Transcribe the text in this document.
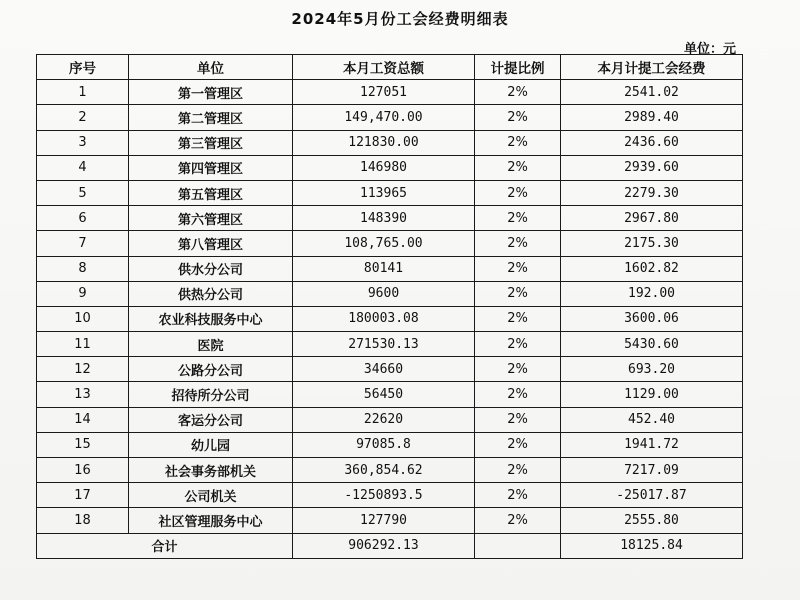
2024年5月份工会经费明细表
单位：元
序号	单位	本月工资总额	计提比例	本月计提工会经费
1	第一管理区	127051	2%	2541.02
2	第二管理区	149,470.00	2%	2989.40
3	第三管理区	121830.00	2%	2436.60
4	第四管理区	146980	2%	2939.60
5	第五管理区	113965	2%	2279.30
6	第六管理区	148390	2%	2967.80
7	第八管理区	108,765.00	2%	2175.30
8	供水分公司	80141	2%	1602.82
9	供热分公司	9600	2%	192.00
10	农业科技服务中心	180003.08	2%	3600.06
11	医院	271530.13	2%	5430.60
12	公路分公司	34660	2%	693.20
13	招待所分公司	56450	2%	1129.00
14	客运分公司	22620	2%	452.40
15	幼儿园	97085.8	2%	1941.72
16	社会事务部机关	360,854.62	2%	7217.09
17	公司机关	-1250893.5	2%	-25017.87
18	社区管理服务中心	127790	2%	2555.80
合计		906292.13		18125.84
